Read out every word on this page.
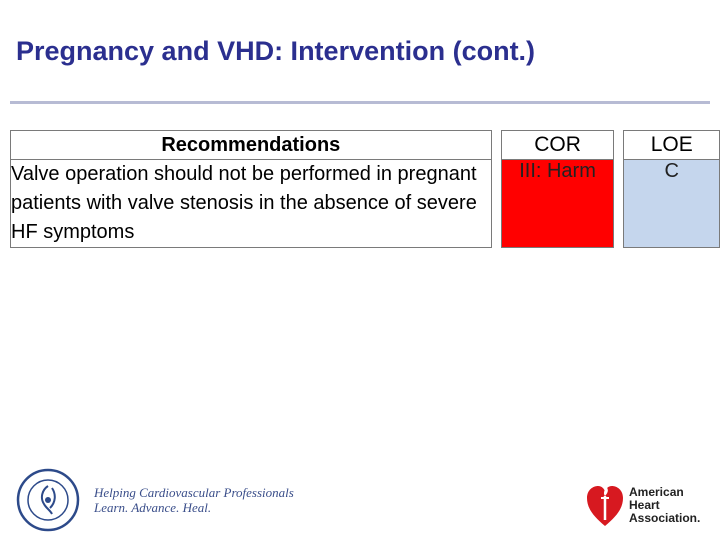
Pregnancy and VHD: Intervention (cont.)
Recommendations		COR		LOE
Valve operation should not be performed in pregnant patients with valve stenosis in the absence of severe HF symptoms		III: Harm		C
Helping Cardiovascular Professionals
Learn. Advance. Heal.
American
Heart
Association.
